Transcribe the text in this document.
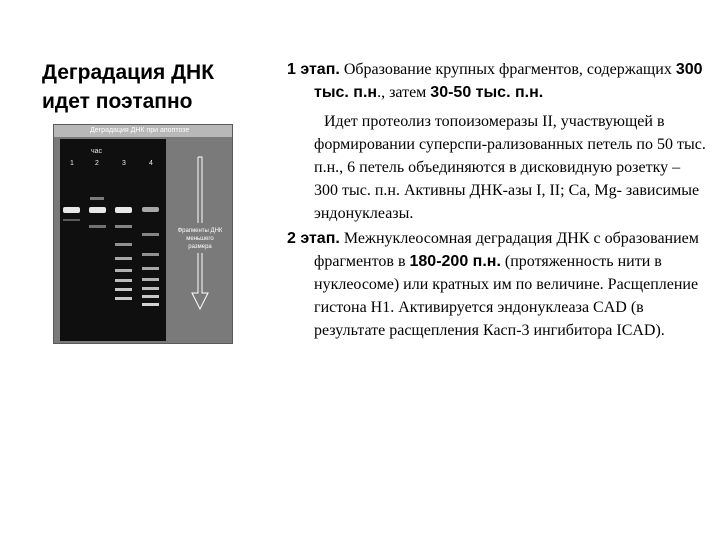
Деградация ДНК
идет поэтапно
Деградация ДНК при апоптозе
час
1	2	3	4
Фрагменты ДНК
меньшего
размера

1 этап. Образование крупных фрагментов, содержащих 300 тыс. п.н., затем 30-50 тыс. п.н.

Идет протеолиз топоизомеразы II, участвующей в формировании суперспи-рализованных петель по 50 тыс. п.н., 6 петель объединяются в дисковидную розетку – 300 тыс. п.н. Активны ДНК-азы I, II; Ca, Mg- зависимые эндонуклеазы.

2 этап. Межнуклеосомная деградация ДНК с образованием фрагментов в 180-200 п.н. (протяженность нити в нуклеосоме) или кратных им по величине. Расщепление гистона H1. Активируется эндонуклеаза CAD (в результате расщепления Касп-3 ингибитора ICAD).
